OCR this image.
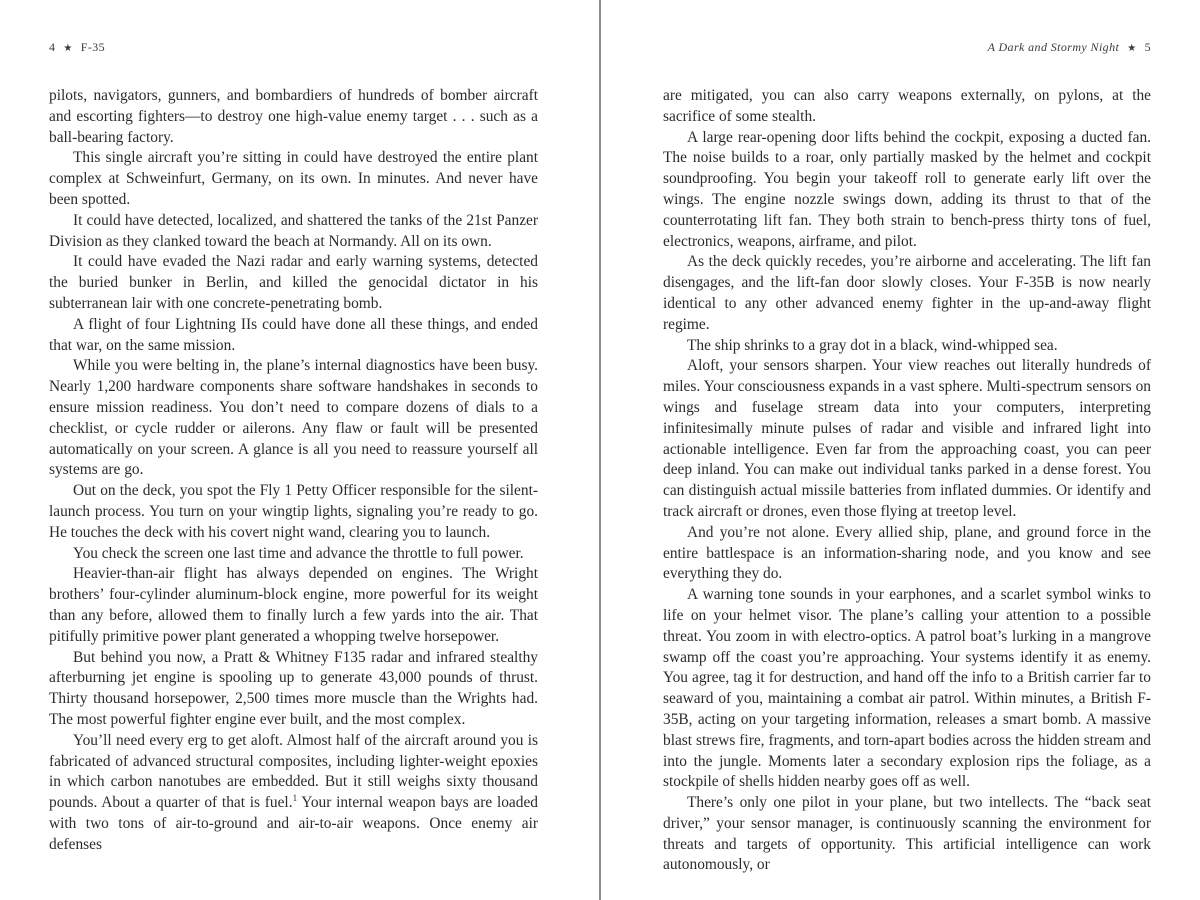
4 ★ F-35

pilots, navigators, gunners, and bombardiers of hundreds of bomber aircraft and escorting fighters—to destroy one high-value enemy target . . . such as a ball-bearing factory.

This single aircraft you’re sitting in could have destroyed the entire plant complex at Schweinfurt, Germany, on its own. In minutes. And never have been spotted.

It could have detected, localized, and shattered the tanks of the 21st Panzer Division as they clanked toward the beach at Normandy. All on its own.

It could have evaded the Nazi radar and early warning systems, detected the buried bunker in Berlin, and killed the genocidal dictator in his subterranean lair with one concrete-penetrating bomb.

A flight of four Lightning IIs could have done all these things, and ended that war, on the same mission.

While you were belting in, the plane’s internal diagnostics have been busy. Nearly 1,200 hardware components share software handshakes in seconds to ensure mission readiness. You don’t need to compare dozens of dials to a checklist, or cycle rudder or ailerons. Any flaw or fault will be presented automatically on your screen. A glance is all you need to reassure yourself all systems are go.

Out on the deck, you spot the Fly 1 Petty Officer responsible for the silent-launch process. You turn on your wingtip lights, signaling you’re ready to go. He touches the deck with his covert night wand, clearing you to launch.

You check the screen one last time and advance the throttle to full power.

Heavier-than-air flight has always depended on engines. The Wright brothers’ four-cylinder aluminum-block engine, more powerful for its weight than any before, allowed them to finally lurch a few yards into the air. That pitifully primitive power plant generated a whopping twelve horsepower.

But behind you now, a Pratt & Whitney F135 radar and infrared stealthy afterburning jet engine is spooling up to generate 43,000 pounds of thrust. Thirty thousand horsepower, 2,500 times more muscle than the Wrights had. The most powerful fighter engine ever built, and the most complex.

You’ll need every erg to get aloft. Almost half of the aircraft around you is fabricated of advanced structural composites, including lighter-weight epoxies in which carbon nanotubes are embedded. But it still weighs sixty thousand pounds. About a quarter of that is fuel.$^1$ Your internal weapon bays are loaded with two tons of air-to-ground and air-to-air weapons. Once enemy air defenses

A Dark and Stormy Night ★ 5

are mitigated, you can also carry weapons externally, on pylons, at the sacrifice of some stealth.

A large rear-opening door lifts behind the cockpit, exposing a ducted fan. The noise builds to a roar, only partially masked by the helmet and cockpit soundproofing. You begin your takeoff roll to generate early lift over the wings. The engine nozzle swings down, adding its thrust to that of the counterrotating lift fan. They both strain to bench-press thirty tons of fuel, electronics, weapons, airframe, and pilot.

As the deck quickly recedes, you’re airborne and accelerating. The lift fan disengages, and the lift-fan door slowly closes. Your F-35B is now nearly identical to any other advanced enemy fighter in the up-and-away flight regime.

The ship shrinks to a gray dot in a black, wind-whipped sea.

Aloft, your sensors sharpen. Your view reaches out literally hundreds of miles. Your consciousness expands in a vast sphere. Multi-spectrum sensors on wings and fuselage stream data into your computers, interpreting infinitesimally minute pulses of radar and visible and infrared light into actionable intelligence. Even far from the approaching coast, you can peer deep inland. You can make out individual tanks parked in a dense forest. You can distinguish actual missile batteries from inflated dummies. Or identify and track aircraft or drones, even those flying at treetop level.

And you’re not alone. Every allied ship, plane, and ground force in the entire battlespace is an information-sharing node, and you know and see everything they do.

A warning tone sounds in your earphones, and a scarlet symbol winks to life on your helmet visor. The plane’s calling your attention to a possible threat. You zoom in with electro-optics. A patrol boat’s lurking in a mangrove swamp off the coast you’re approaching. Your systems identify it as enemy. You agree, tag it for destruction, and hand off the info to a British carrier far to seaward of you, maintaining a combat air patrol. Within minutes, a British F-35B, acting on your targeting information, releases a smart bomb. A massive blast strews fire, fragments, and torn-apart bodies across the hidden stream and into the jungle. Moments later a secondary explosion rips the foliage, as a stockpile of shells hidden nearby goes off as well.

There’s only one pilot in your plane, but two intellects. The “back seat driver,” your sensor manager, is continuously scanning the environment for threats and targets of opportunity. This artificial intelligence can work autonomously, or
